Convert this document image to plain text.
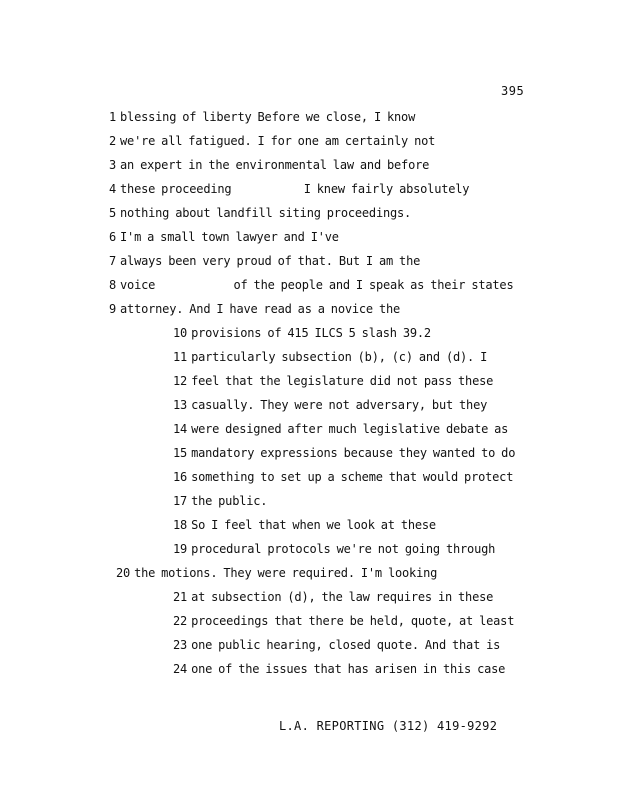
395
1 blessing of liberty Before we close, I know
2 we're all fatigued. I for one am certainly not
3 an expert in the environmental law and before
4 these proceeding            I knew fairly absolutely
5 nothing about landfill siting proceedings.
6 I'm a small town lawyer and I've
7 always been very proud of that. But I am the
8 voice             of the people and I speak as their states
9 attorney. And I have read as a novice the
10 provisions of 415 ILCS 5 slash 39.2
11 particularly subsection (b), (c) and (d). I
12 feel that the legislature did not pass these
13 casually. They were not adversary, but they
14 were designed after much legislative debate as
15 mandatory expressions because they wanted to do
16 something to set up a scheme that would protect
17 the public.
18 So I feel that when we look at these
19 procedural protocols we're not going through
20 the motions. They were required. I'm looking
21 at subsection (d), the law requires in these
22 proceedings that there be held, quote, at least
23 one public hearing, closed quote. And that is
24 one of the issues that has arisen in this case
L.A. REPORTING (312) 419-9292
